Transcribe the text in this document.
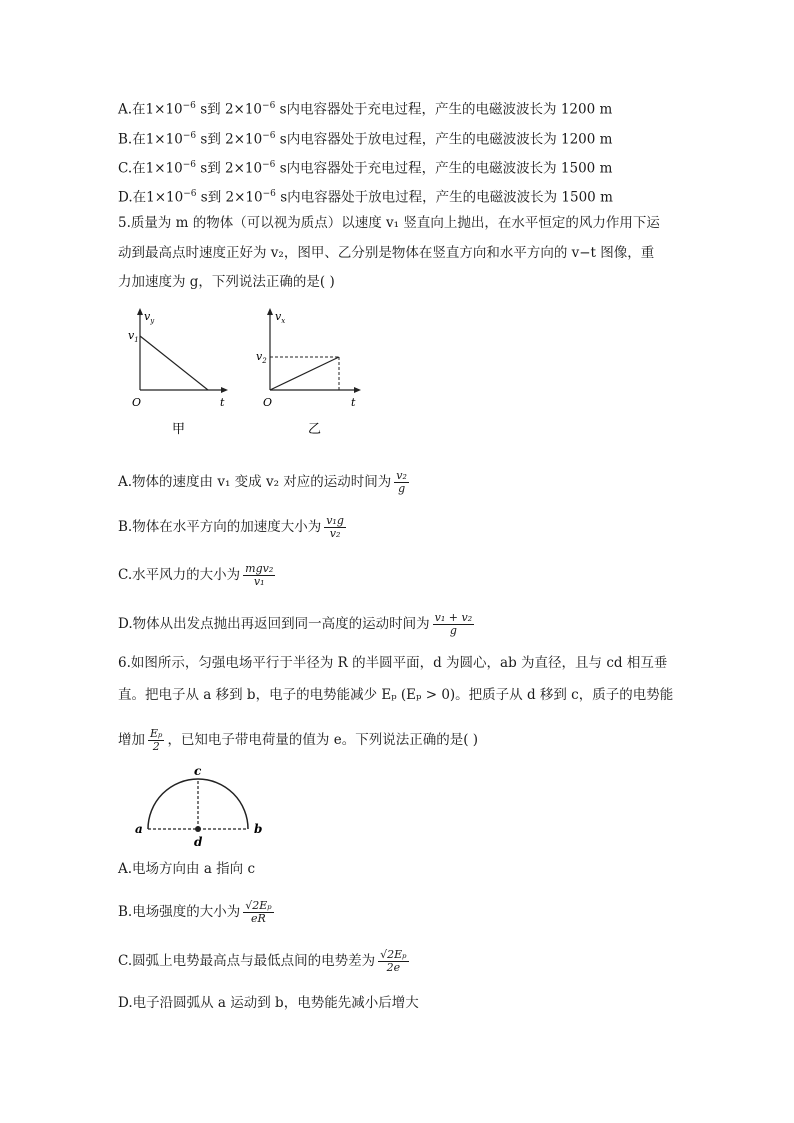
A.在$1\times 10^{-6}$ s到 $2\times 10^{-6}$ s内电容器处于充电过程，产生的电磁波波长为 1200 m
B.在$1\times 10^{-6}$ s到 $2\times 10^{-6}$ s内电容器处于放电过程，产生的电磁波波长为 1200 m
C.在$1\times 10^{-6}$ s到 $2\times 10^{-6}$ s内电容器处于充电过程，产生的电磁波波长为 1500 m
D.在$1\times 10^{-6}$ s到 $2\times 10^{-6}$ s内电容器处于放电过程，产生的电磁波波长为 1500 m
5.质量为 m 的物体（可以视为质点）以速度 v₁ 竖直向上抛出，在水平恒定的风力作用下运
动到最高点时速度正好为 v₂，图甲、乙分别是物体在竖直方向和水平方向的 v−t 图像，重
力加速度为 g，下列说法正确的是( )
$v_y$
$v_1$
O	t
甲
$v_x$
$v_2$
O	t
乙
A.物体的速度由 v₁ 变成 v₂ 对应的运动时间为 $\frac{\text{v₂}}{g}$
B.物体在水平方向的加速度大小为 $\frac{\text{v₁g}}{\text{v₂}}$
C.水平风力的大小为 $\frac{\text{mgv₂}}{\text{v₁}}$
D.物体从出发点抛出再返回到同一高度的运动时间为 $\frac{\text{v₁ + v₂}}{g}$
6.如图所示，匀强电场平行于半径为 R 的半圆平面，d 为圆心，ab 为直径，且与 cd 相互垂
直。把电子从 a 移到 b，电子的电势能减少 Eₚ (Eₚ > 0)。把质子从 d 移到 c，质子的电势能
增加 $\frac{\text{Eₚ}}{2}$ ，已知电子带电荷量的值为 e。下列说法正确的是( )
a	b
c
d
A.电场方向由 a 指向 c
B.电场强度的大小为 $\frac{\text{√2Eₚ}}{eR}$
C.圆弧上电势最高点与最低点间的电势差为 $\frac{\text{√2Eₚ}}{2e}$
D.电子沿圆弧从 a 运动到 b，电势能先减小后增大
